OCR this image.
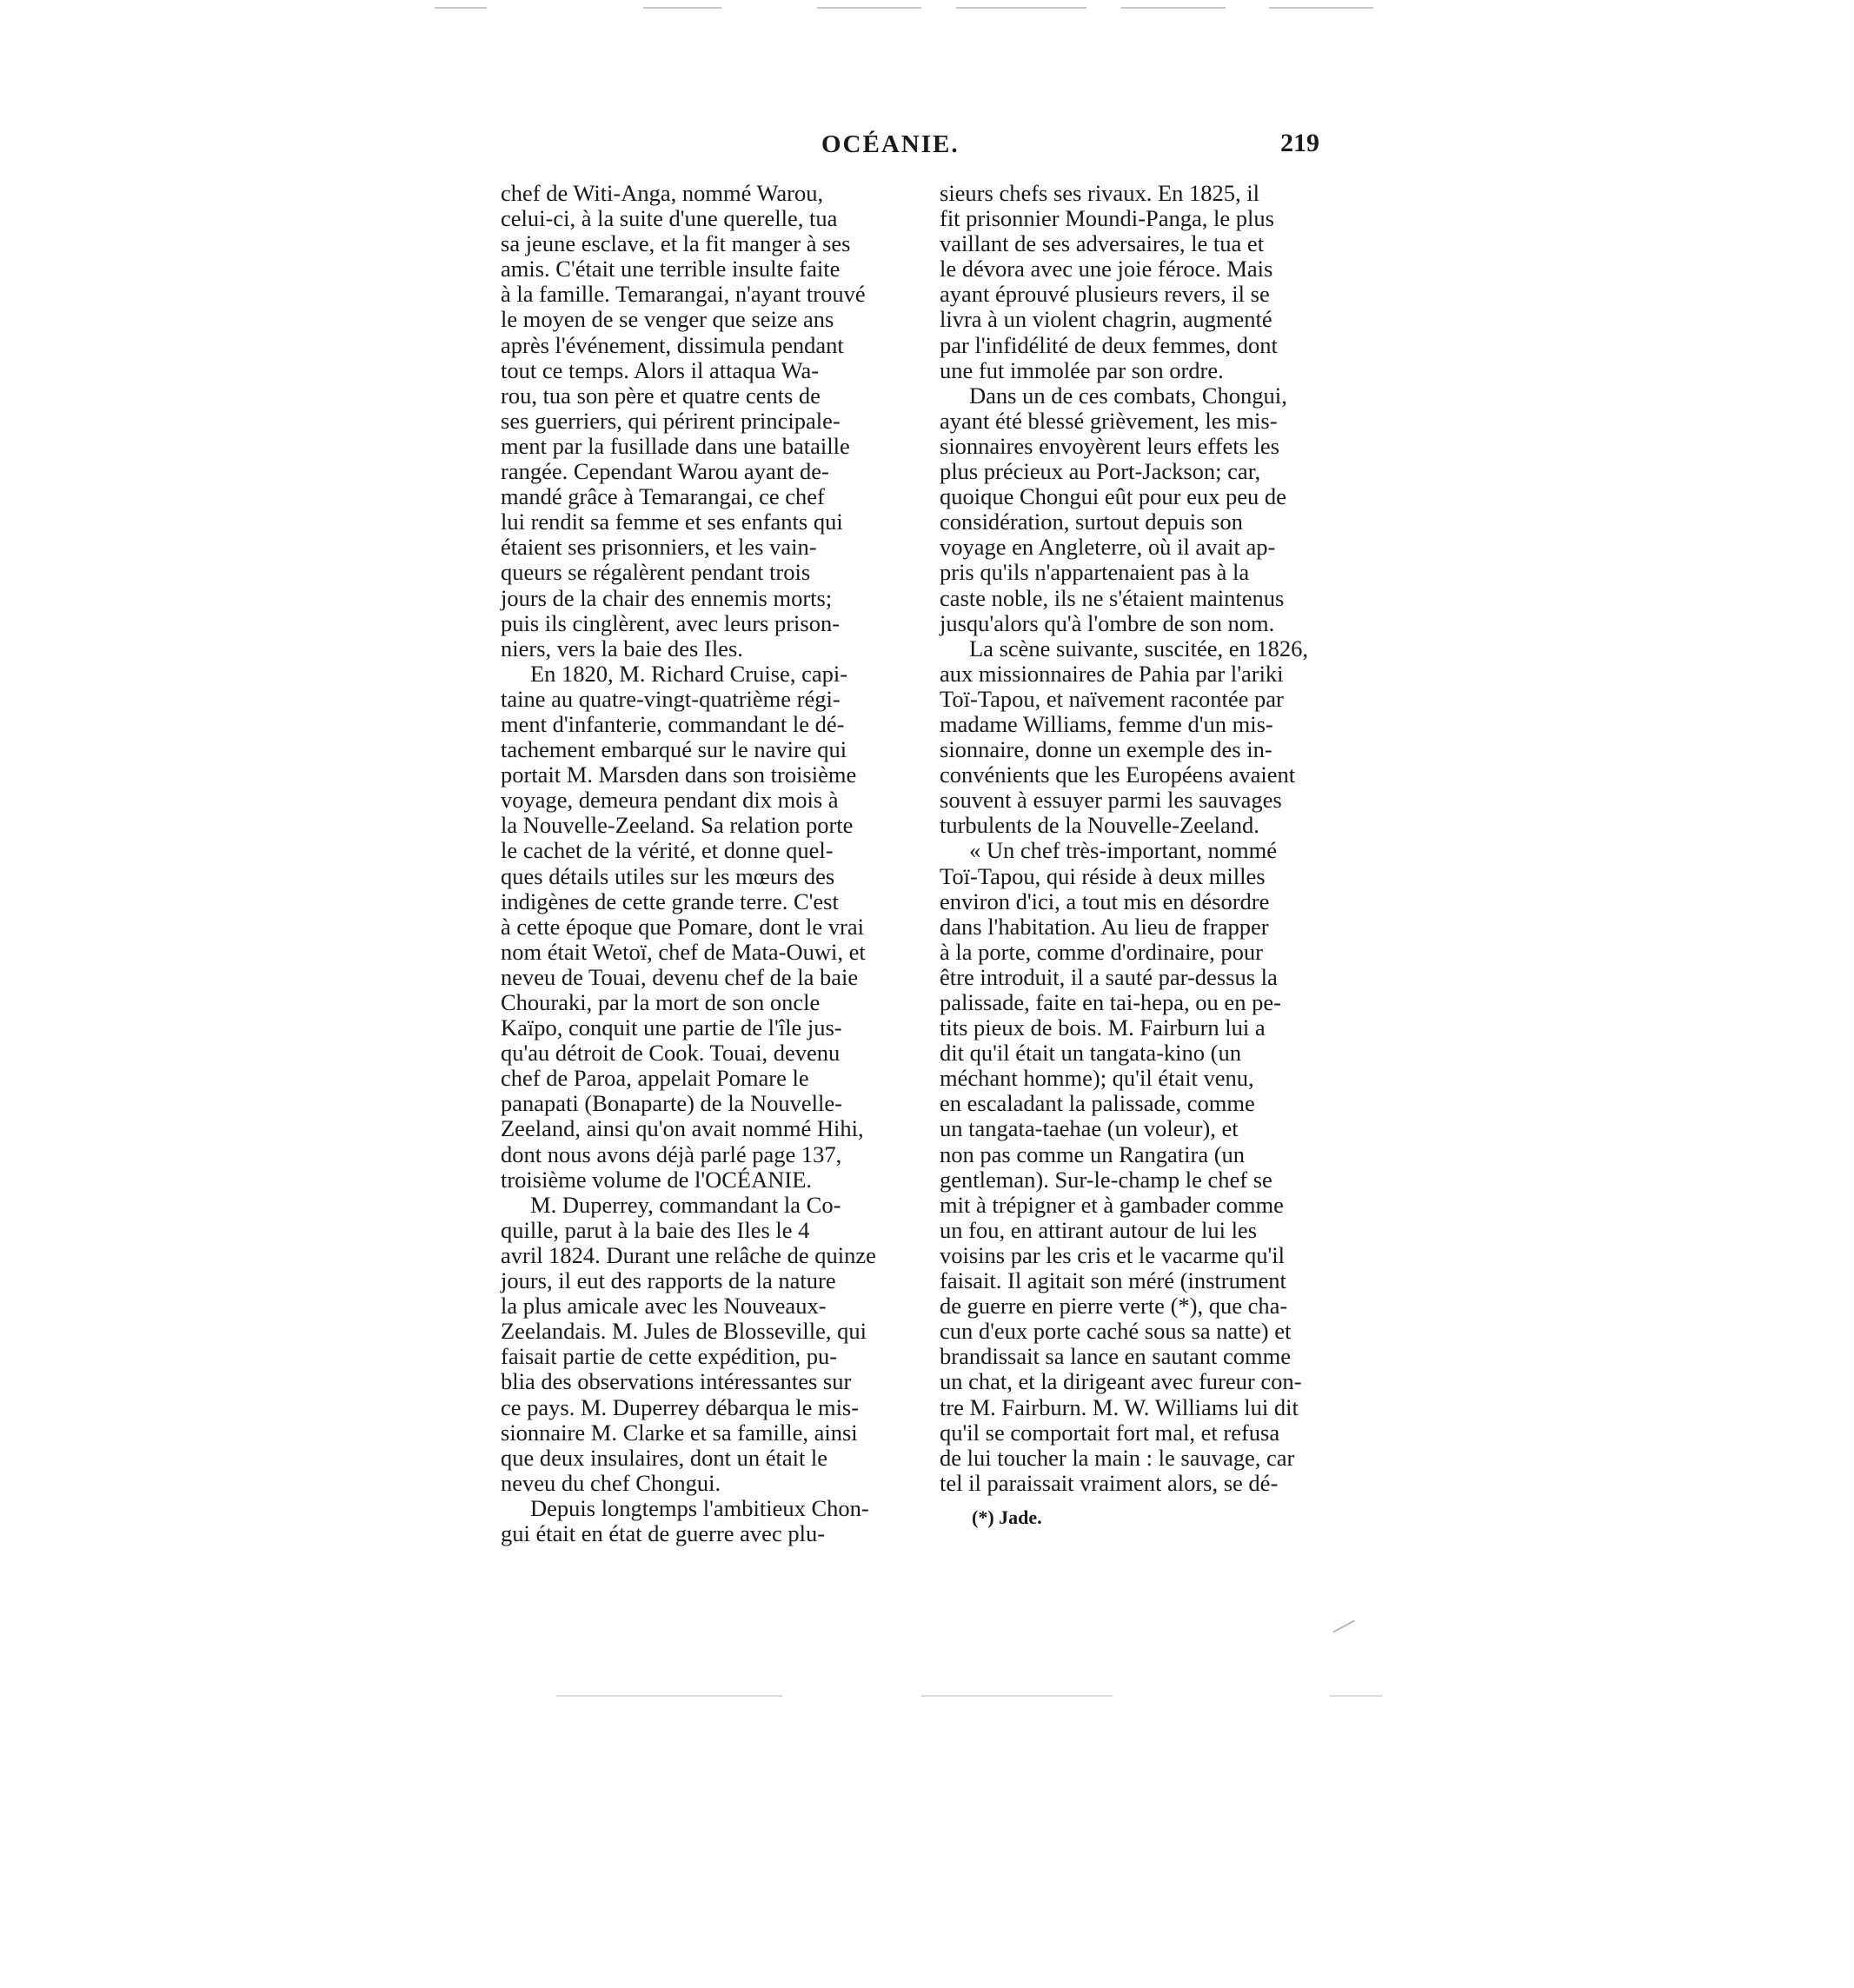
OCÉANIE.	219

chef de Witi-Anga, nommé Warou,
celui-ci, à la suite d'une querelle, tua
sa jeune esclave, et la fit manger à ses
amis. C'était une terrible insulte faite
à la famille. Temarangai, n'ayant trouvé
le moyen de se venger que seize ans
après l'événement, dissimula pendant
tout ce temps. Alors il attaqua Wa-
rou, tua son père et quatre cents de
ses guerriers, qui périrent principale-
ment par la fusillade dans une bataille
rangée. Cependant Warou ayant de-
mandé grâce à Temarangai, ce chef
lui rendit sa femme et ses enfants qui
étaient ses prisonniers, et les vain-
queurs se régalèrent pendant trois
jours de la chair des ennemis morts;
puis ils cinglèrent, avec leurs prison-
niers, vers la baie des Iles.

En 1820, M. Richard Cruise, capi-
taine au quatre-vingt-quatrième régi-
ment d'infanterie, commandant le dé-
tachement embarqué sur le navire qui
portait M. Marsden dans son troisième
voyage, demeura pendant dix mois à
la Nouvelle-Zeeland. Sa relation porte
le cachet de la vérité, et donne quel-
ques détails utiles sur les mœurs des
indigènes de cette grande terre. C'est
à cette époque que Pomare, dont le vrai
nom était Wetoï, chef de Mata-Ouwi, et
neveu de Touai, devenu chef de la baie
Chouraki, par la mort de son oncle
Kaïpo, conquit une partie de l'île jus-
qu'au détroit de Cook. Touai, devenu
chef de Paroa, appelait Pomare le
panapati (Bonaparte) de la Nouvelle-
Zeeland, ainsi qu'on avait nommé Hihi,
dont nous avons déjà parlé page 137,
troisième volume de l'OCÉANIE.

M. Duperrey, commandant la Co-
quille, parut à la baie des Iles le 4
avril 1824. Durant une relâche de quinze
jours, il eut des rapports de la nature
la plus amicale avec les Nouveaux-
Zeelandais. M. Jules de Blosseville, qui
faisait partie de cette expédition, pu-
blia des observations intéressantes sur
ce pays. M. Duperrey débarqua le mis-
sionnaire M. Clarke et sa famille, ainsi
que deux insulaires, dont un était le
neveu du chef Chongui.

Depuis longtemps l'ambitieux Chon-
gui était en état de guerre avec plu-

sieurs chefs ses rivaux. En 1825, il
fit prisonnier Moundi-Panga, le plus
vaillant de ses adversaires, le tua et
le dévora avec une joie féroce. Mais
ayant éprouvé plusieurs revers, il se
livra à un violent chagrin, augmenté
par l'infidélité de deux femmes, dont
une fut immolée par son ordre.

Dans un de ces combats, Chongui,
ayant été blessé grièvement, les mis-
sionnaires envoyèrent leurs effets les
plus précieux au Port-Jackson; car,
quoique Chongui eût pour eux peu de
considération, surtout depuis son
voyage en Angleterre, où il avait ap-
pris qu'ils n'appartenaient pas à la
caste noble, ils ne s'étaient maintenus
jusqu'alors qu'à l'ombre de son nom.

La scène suivante, suscitée, en 1826,
aux missionnaires de Pahia par l'ariki
Toï-Tapou, et naïvement racontée par
madame Williams, femme d'un mis-
sionnaire, donne un exemple des in-
convénients que les Européens avaient
souvent à essuyer parmi les sauvages
turbulents de la Nouvelle-Zeeland.

« Un chef très-important, nommé
Toï-Tapou, qui réside à deux milles
environ d'ici, a tout mis en désordre
dans l'habitation. Au lieu de frapper
à la porte, comme d'ordinaire, pour
être introduit, il a sauté par-dessus la
palissade, faite en tai-hepa, ou en pe-
tits pieux de bois. M. Fairburn lui a
dit qu'il était un tangata-kino (un
méchant homme); qu'il était venu,
en escaladant la palissade, comme
un tangata-taehae (un voleur), et
non pas comme un Rangatira (un
gentleman). Sur-le-champ le chef se
mit à trépigner et à gambader comme
un fou, en attirant autour de lui les
voisins par les cris et le vacarme qu'il
faisait. Il agitait son méré (instrument
de guerre en pierre verte (*), que cha-
cun d'eux porte caché sous sa natte) et
brandissait sa lance en sautant comme
un chat, et la dirigeant avec fureur con-
tre M. Fairburn. M. W. Williams lui dit
qu'il se comportait fort mal, et refusa
de lui toucher la main : le sauvage, car
tel il paraissait vraiment alors, se dé-

(*) Jade.
